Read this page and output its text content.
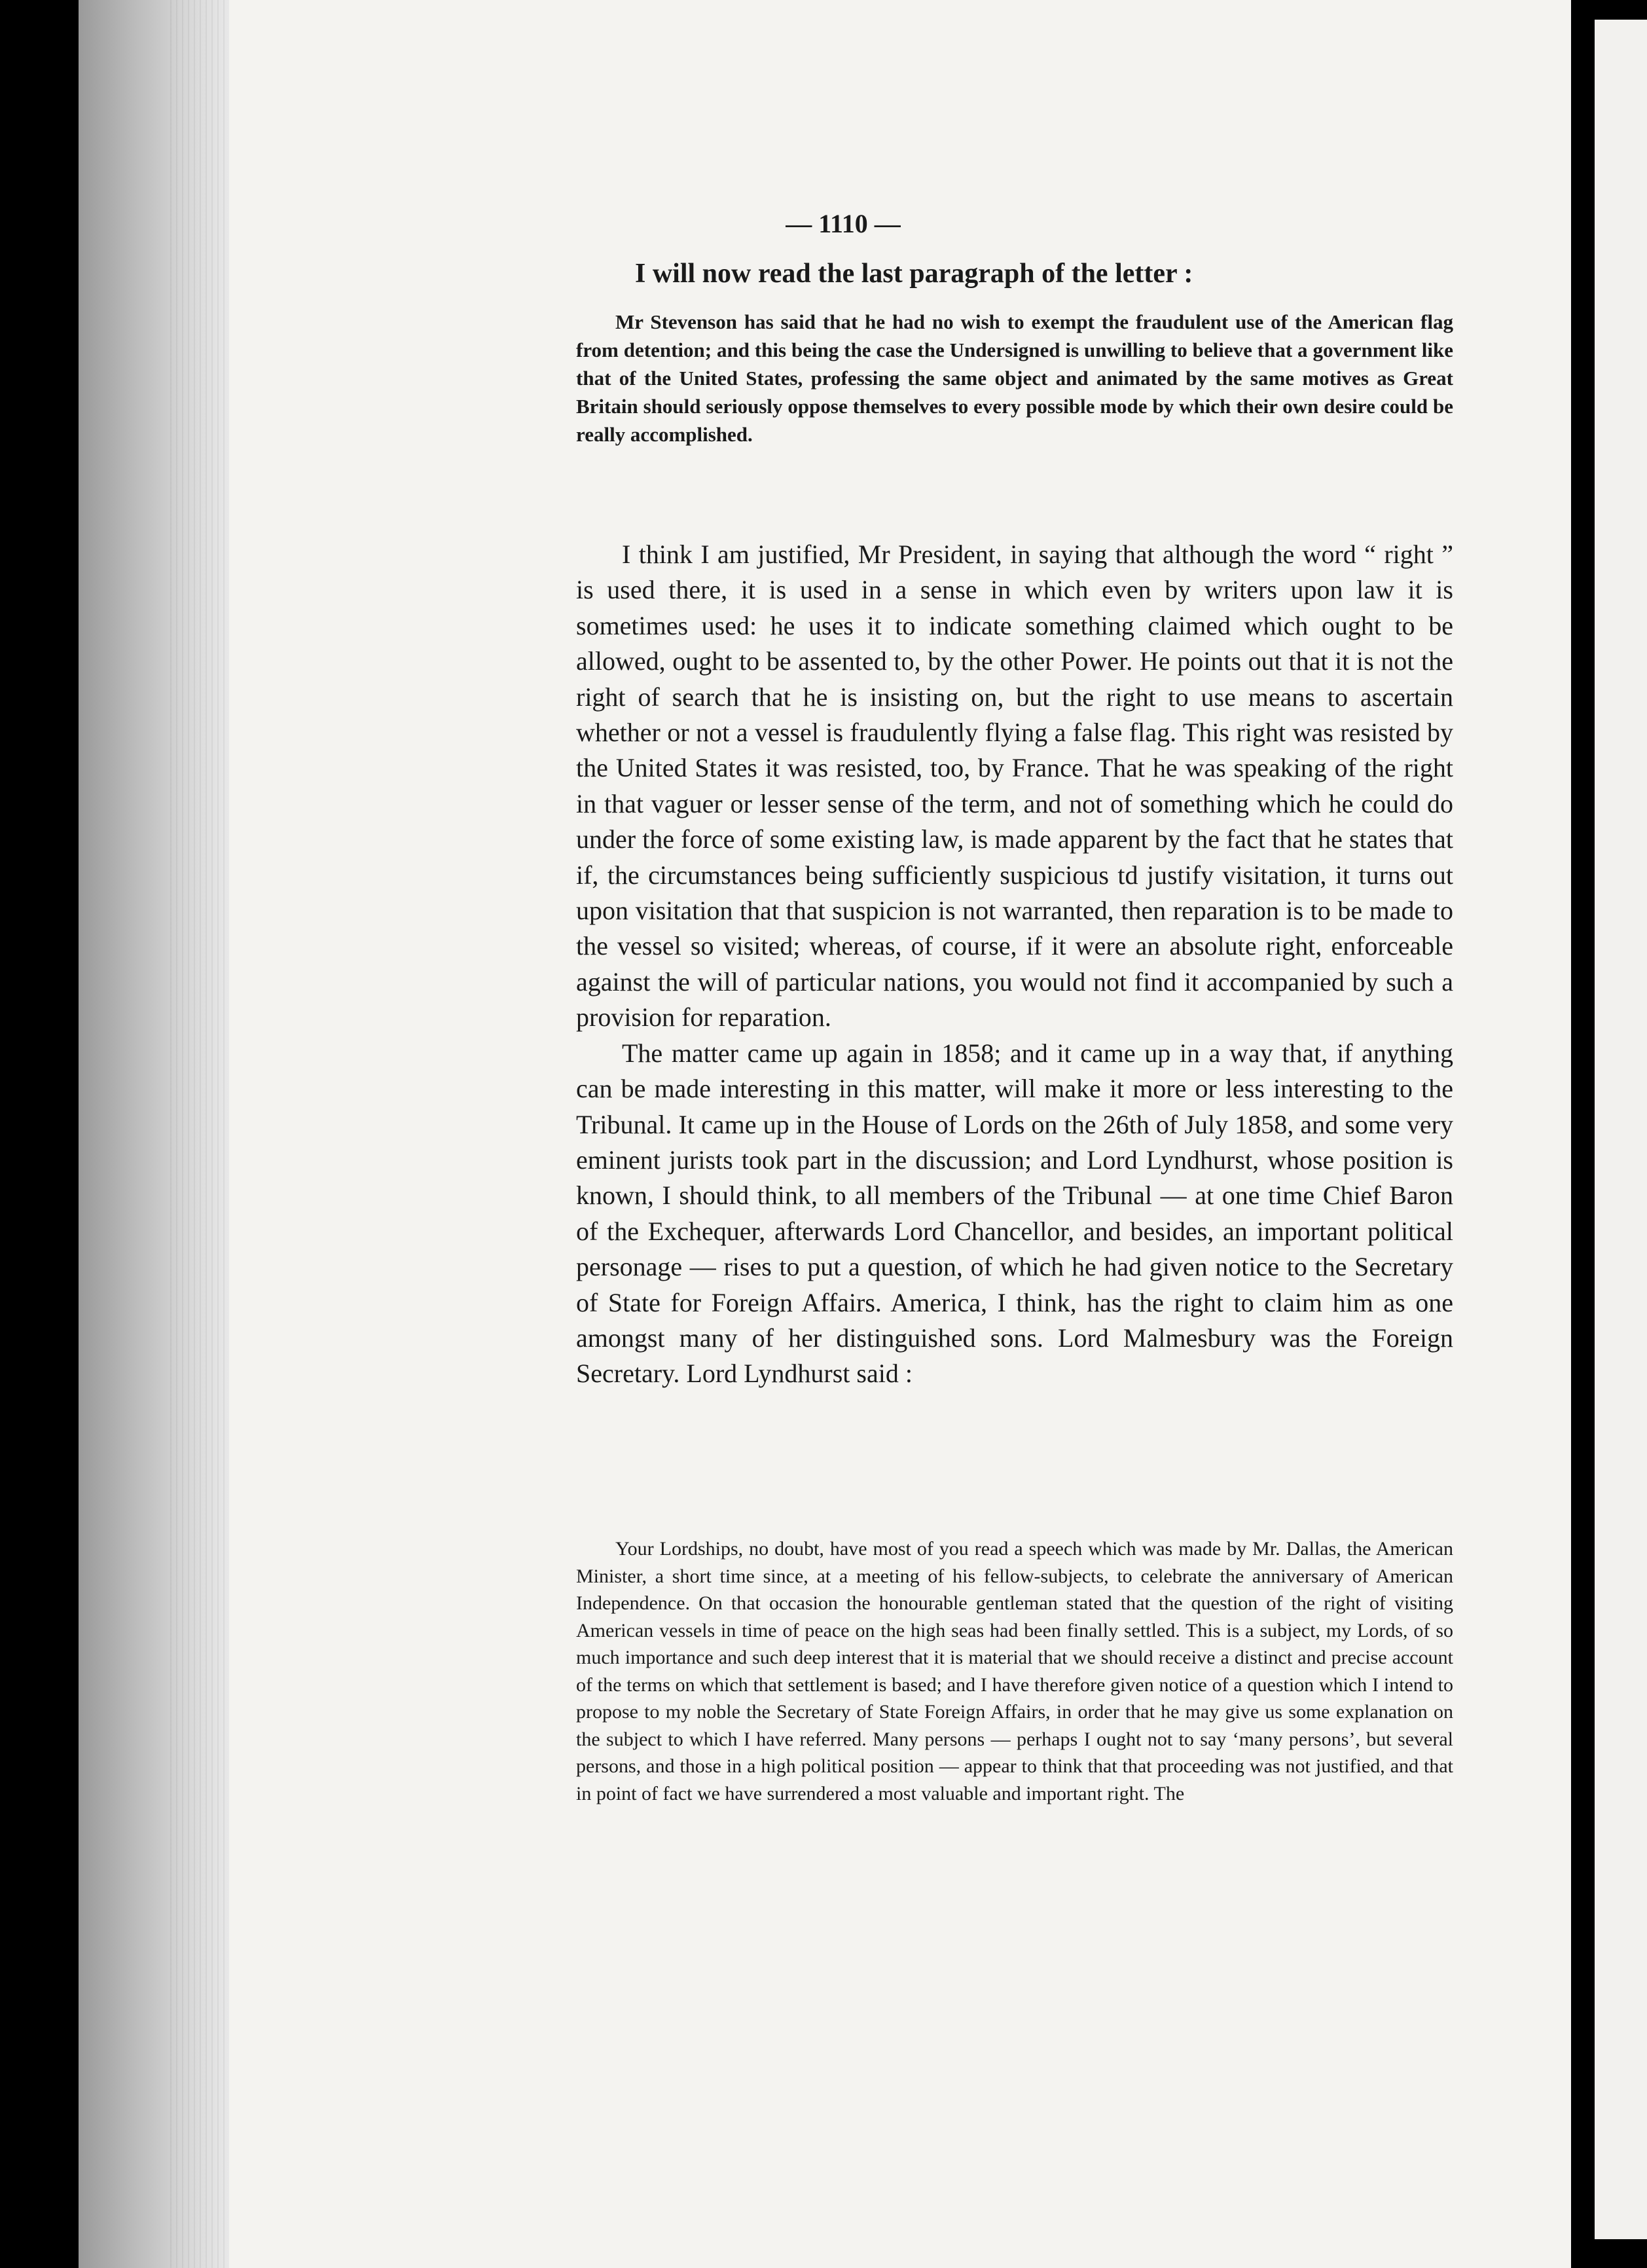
— 1110 —
I will now read the last paragraph of the letter :

Mr Stevenson has said that he had no wish to exempt the fraudulent use of the American flag from detention; and this being the case the Undersigned is unwilling to believe that a government like that of the United States, professing the same object and animated by the same motives as Great Britain should seriously oppose themselves to every possible mode by which their own desire could be really accomplished.

I think I am justified, Mr President, in saying that although the word “ right ” is used there, it is used in a sense in which even by writers upon law it is sometimes used: he uses it to indicate something claimed which ought to be allowed, ought to be assented to, by the other Power. He points out that it is not the right of search that he is insisting on, but the right to use means to ascertain whether or not a vessel is fraudulently flying a false flag. This right was resisted by the United States it was resisted, too, by France. That he was speaking of the right in that vaguer or lesser sense of the term, and not of something which he could do under the force of some existing law, is made apparent by the fact that he states that if, the circumstances being sufficiently suspicious td justify visitation, it turns out upon visitation that that suspicion is not warranted, then reparation is to be made to the vessel so visited; whereas, of course, if it were an absolute right, enforceable against the will of particular nations, you would not find it accompanied by such a provision for reparation.

The matter came up again in 1858; and it came up in a way that, if anything can be made interesting in this matter, will make it more or less interesting to the Tribunal. It came up in the House of Lords on the 26th of July 1858, and some very eminent jurists took part in the discussion; and Lord Lyndhurst, whose position is known, I should think, to all members of the Tribunal — at one time Chief Baron of the Exchequer, afterwards Lord Chancellor, and besides, an important political personage — rises to put a question, of which he had given notice to the Secretary of State for Foreign Affairs. America, I think, has the right to claim him as one amongst many of her distinguished sons. Lord Malmesbury was the Foreign Secretary. Lord Lyndhurst said :

Your Lordships, no doubt, have most of you read a speech which was made by Mr. Dallas, the American Minister, a short time since, at a meeting of his fellow-subjects, to celebrate the anniversary of American Independence. On that occasion the honourable gentleman stated that the question of the right of visiting American vessels in time of peace on the high seas had been finally settled. This is a subject, my Lords, of so much importance and such deep interest that it is material that we should receive a distinct and precise account of the terms on which that settlement is based; and I have therefore given notice of a question which I intend to propose to my noble the Secretary of State Foreign Affairs, in order that he may give us some explanation on the subject to which I have referred. Many persons — perhaps I ought not to say ‘many persons’, but several persons, and those in a high political position — appear to think that that proceeding was not justified, and that in point of fact we have surrendered a most valuable and important right. The
